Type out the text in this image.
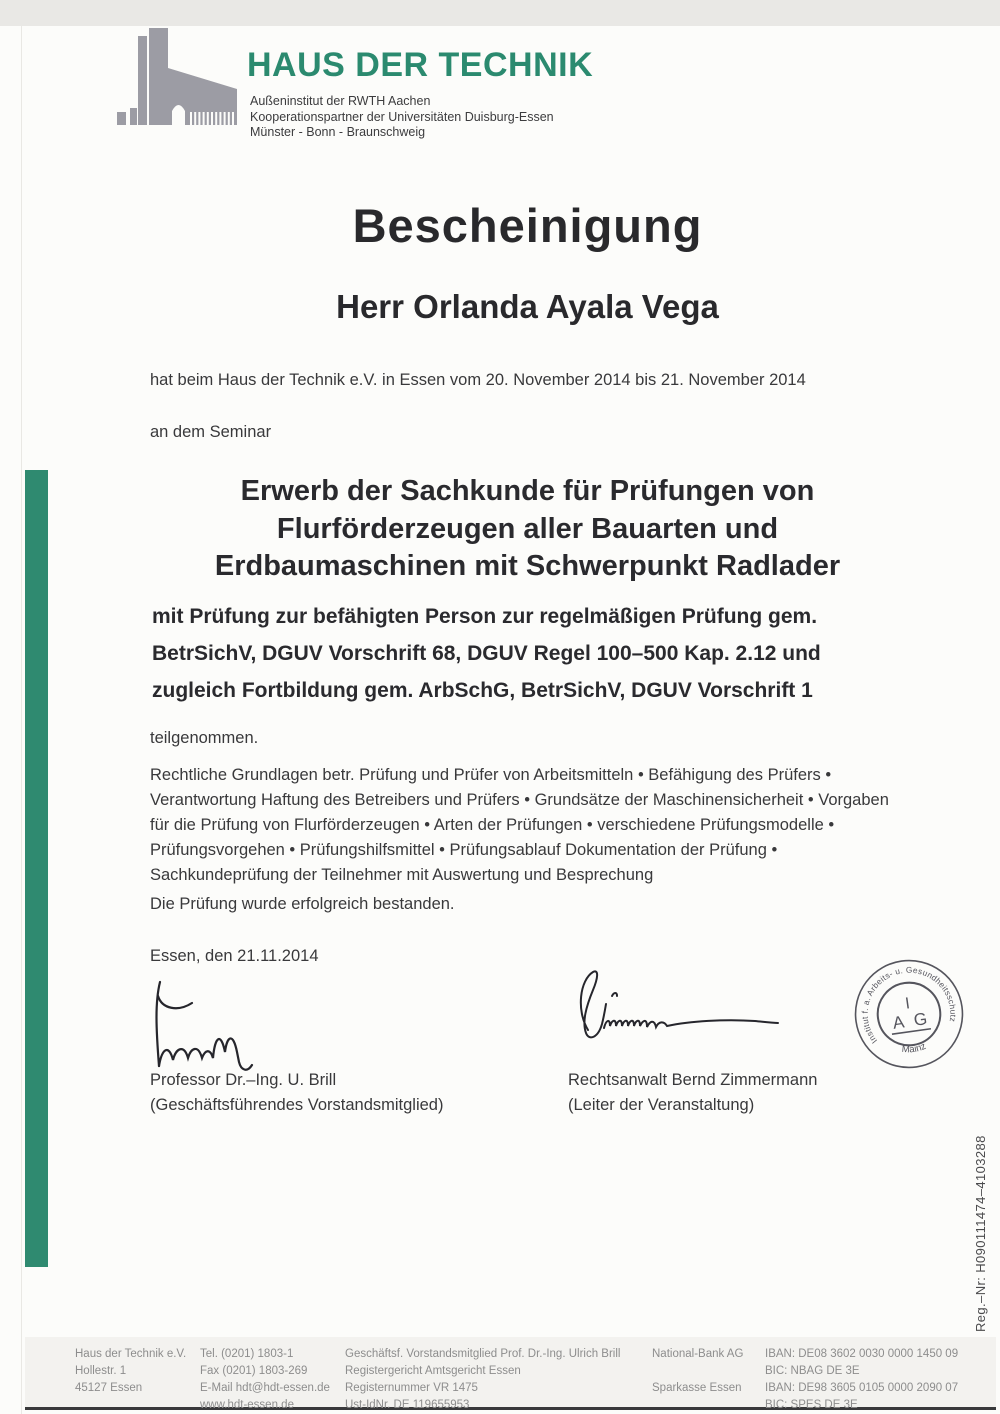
HAUS DER TECHNIK
Außeninstitut der RWTH Aachen
Kooperationspartner der Universitäten Duisburg-Essen
Münster - Bonn - Braunschweig
Bescheinigung
Herr Orlanda Ayala Vega
hat beim Haus der Technik e.V. in Essen vom 20. November 2014 bis 21. November 2014
an dem Seminar
Erwerb der Sachkunde für Prüfungen von
Flurförderzeugen aller Bauarten und
Erdbaumaschinen mit Schwerpunkt Radlader
mit Prüfung zur befähigten Person zur regelmäßigen Prüfung gem.
BetrSichV, DGUV Vorschrift 68, DGUV Regel 100–500 Kap. 2.12 und
zugleich Fortbildung gem. ArbSchG, BetrSichV, DGUV Vorschrift 1
teilgenommen.
Rechtliche Grundlagen betr. Prüfung und Prüfer von Arbeitsmitteln • Befähigung des Prüfers • Verantwortung Haftung des Betreibers und Prüfers • Grundsätze der Maschinensicherheit • Vorgaben für die Prüfung von Flurförderzeugen • Arten der Prüfungen • verschiedene Prüfungsmodelle • Prüfungsvorgehen • Prüfungshilfsmittel • Prüfungsablauf Dokumentation der Prüfung • Sachkundeprüfung der Teilnehmer mit Auswertung und Besprechung
Die Prüfung wurde erfolgreich bestanden.
Essen, den 21.11.2014
Professor Dr.–Ing. U. Brill
(Geschäftsführendes Vorstandsmitglied)
Rechtsanwalt Bernd Zimmermann
(Leiter der Veranstaltung)
Institut f. a. Arbeits- u. Gesundheitsschutz
Mainz
I
A G
Reg.–Nr: H090111474–4103288
Haus der Technik e.V.
Hollestr. 1
45127 Essen
Tel. (0201) 1803-1
Fax (0201) 1803-269
E-Mail hdt@hdt-essen.de
www.hdt-essen.de
Geschäftsf. Vorstandsmitglied Prof. Dr.-Ing. Ulrich Brill
Registergericht Amtsgericht Essen
Registernummer VR 1475
Ust-IdNr. DE 119655953
National-Bank AG
Sparkasse Essen
IBAN: DE08 3602 0030 0000 1450 09
BIC: NBAG DE 3E
IBAN: DE98 3605 0105 0000 2090 07
BIC: SPES DE 3E
